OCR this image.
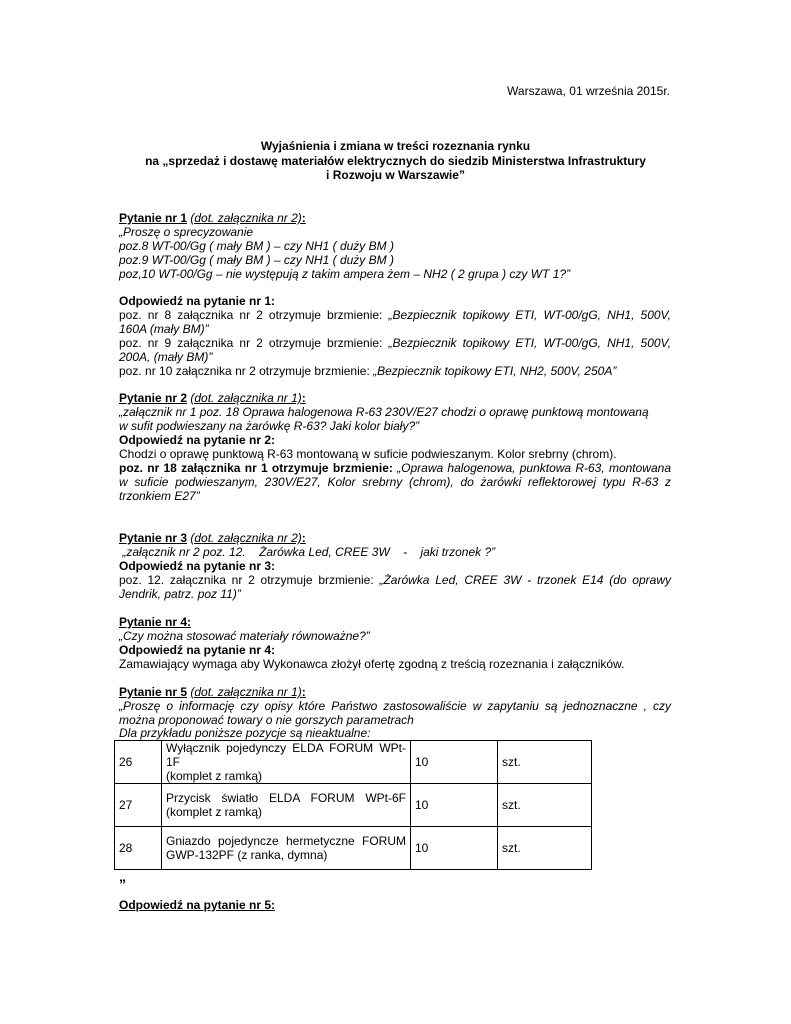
Warszawa, 01 września 2015r.
Wyjaśnienia i zmiana w treści rozeznania rynku
na „sprzedaż i dostawę materiałów elektrycznych do siedzib Ministerstwa Infrastruktury
i Rozwoju w Warszawie”
Pytanie nr 1 (dot. załącznika nr 2):
„Proszę o sprecyzowanie
poz.8 WT-00/Gg ( mały BM ) – czy NH1 ( duży BM )
poz.9 WT-00/Gg ( mały BM ) – czy NH1 ( duży BM )
poz,10 WT-00/Gg – nie występują z takim ampera żem – NH2 ( 2 grupa ) czy WT 1?”
Odpowiedź na pytanie nr 1:
poz. nr 8 załącznika nr 2 otrzymuje brzmienie: „Bezpiecznik topikowy ETI, WT-00/gG, NH1, 500V,
160A (mały BM)”
poz. nr 9 załącznika nr 2 otrzymuje brzmienie: „Bezpiecznik topikowy ETI, WT-00/gG, NH1, 500V,
200A, (mały BM)”
poz. nr 10 załącznika nr 2 otrzymuje brzmienie: „Bezpiecznik topikowy ETI, NH2, 500V, 250A”
Pytanie nr 2 (dot. załącznika nr 1):
„załącznik nr 1 poz. 18 Oprawa halogenowa R-63 230V/E27 chodzi o oprawę punktową montowaną
w sufit podwieszany na żarówkę R-63? Jaki kolor biały?”
Odpowiedź na pytanie nr 2:
Chodzi o oprawę punktową R-63 montowaną w suficie podwieszanym. Kolor srebrny (chrom).
poz. nr 18 załącznika nr 1 otrzymuje brzmienie: „Oprawa halogenowa, punktowa R-63, montowana
w suficie podwieszanym, 230V/E27, Kolor srebrny (chrom), do żarówki reflektorowej typu R-63 z
trzonkiem E27”
Pytanie nr 3 (dot. załącznika nr 2):
„załącznik nr 2 poz. 12.    Żarówka Led, CREE 3W    -    jaki trzonek ?”
Odpowiedź na pytanie nr 3:
poz. 12. załącznika nr 2 otrzymuje brzmienie: „Żarówka Led, CREE 3W - trzonek E14 (do oprawy
Jendrik, patrz. poz 11)”
Pytanie nr 4:
„Czy można stosować materiały równoważne?”
Odpowiedź na pytanie nr 4:
Zamawiający wymaga aby Wykonawca złożył ofertę zgodną z treścią rozeznania i załączników.
Pytanie nr 5 (dot. załącznika nr 1):
„Proszę o informację czy opisy które Państwo zastosowaliście w zapytaniu są jednoznaczne , czy
można proponować towary o nie gorszych parametrach
Dla przykładu poniższe pozycje są nieaktualne:
26	Wyłącznik pojedynczy ELDA FORUM WPt-1F
(komplet z ramką)	10	szt.
27	Przycisk światło ELDA FORUM WPt-6F
(komplet z ramką)	10	szt.
28	Gniazdo pojedyncze hermetyczne FORUM
GWP-132PF (z ranka, dymna)	10	szt.
”
Odpowiedź na pytanie nr 5:
